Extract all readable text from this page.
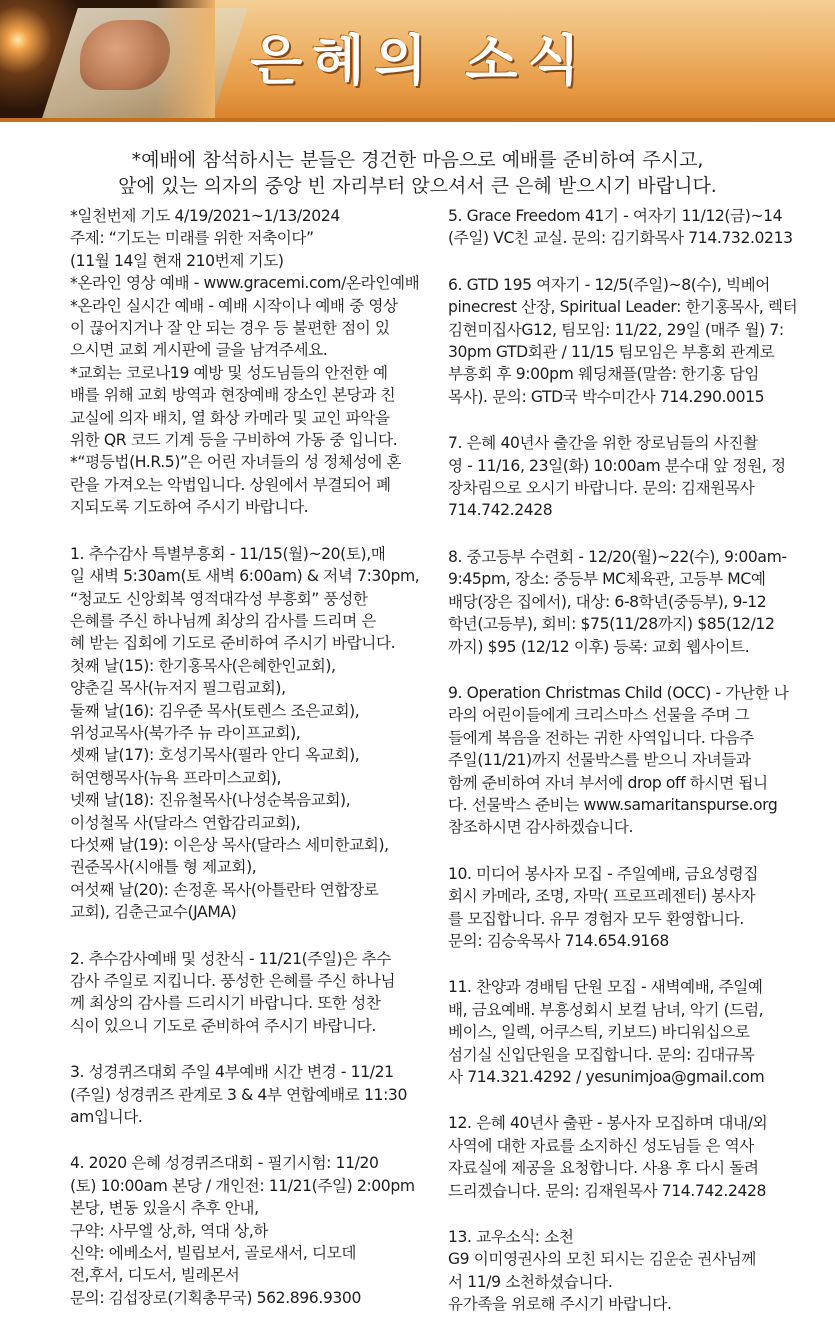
은혜의 소식
*예배에 참석하시는 분들은 경건한 마음으로 예배를 준비하여 주시고,
앞에 있는 의자의 중앙 빈 자리부터 앉으셔서 큰 은혜 받으시기 바랍니다.
*일천번제 기도 4/19/2021~1/13/2024
주제: “기도는 미래를 위한 저축이다”
(11월 14일 현재 210번제 기도)
*온라인 영상 예배 - www.gracemi.com/온라인예배
*온라인 실시간 예배 - 예배 시작이나 예배 중 영상
이 끊어지거나 잘 안 되는 경우 등 불편한 점이 있
으시면 교회 게시판에 글을 남겨주세요.
*교회는 코로나19 예방 및 성도님들의 안전한 예
배를 위해 교회 방역과 현장예배 장소인 본당과 친
교실에 의자 배치, 열 화상 카메라 및 교인 파악을
위한 QR 코드 기계 등을 구비하여 가동 중 입니다.
*“평등법(H.R.5)”은 어린 자녀들의 성 정체성에 혼
란을 가져오는 악법입니다. 상원에서 부결되어 폐
지되도록 기도하여 주시기 바랍니다.
1. 추수감사 특별부흥회 - 11/15(월)~20(토),매
일 새벽 5:30am(토 새벽 6:00am) & 저녁 7:30pm,
“청교도 신앙회복 영적대각성 부흥회” 풍성한
은혜를 주신 하나님께 최상의 감사를 드리며 은
혜 받는 집회에 기도로 준비하여 주시기 바랍니다.
첫째 날(15): 한기홍목사(은혜한인교회),
양춘길 목사(뉴저지 필그림교회),
둘째 날(16): 김우준 목사(토렌스 조은교회),
위성교목사(북가주 뉴 라이프교회),
셋째 날(17): 호성기목사(필라 안디 옥교회),
허연행목사(뉴욕 프라미스교회),
넷째 날(18): 진유철목사(나성순복음교회),
이성철목 사(달라스 연합감리교회),
다섯째 날(19): 이은상 목사(달라스 세미한교회),
권준목사(시애틀 형 제교회),
여섯째 날(20): 손정훈 목사(아틀란타 연합장로
교회), 김춘근교수(JAMA)
2. 추수감사예배 및 성찬식 - 11/21(주일)은 추수
감사 주일로 지킵니다. 풍성한 은혜를 주신 하나님
께 최상의 감사를 드리시기 바랍니다. 또한 성찬
식이 있으니 기도로 준비하여 주시기 바랍니다.
3. 성경퀴즈대회 주일 4부예배 시간 변경 - 11/21
(주일) 성경퀴즈 관계로 3 & 4부 연합예배로 11:30
am입니다.
4. 2020 은혜 성경퀴즈대회 - 필기시험: 11/20
(토) 10:00am 본당 / 개인전: 11/21(주일) 2:00pm
본당, 변동 있을시 추후 안내,
구약: 사무엘 상,하, 역대 상,하
신약: 에베소서, 빌립보서, 골로새서, 디모데
전,후서, 디도서, 빌레몬서
문의: 김섭장로(기획총무국) 562.896.9300
5. Grace Freedom 41기 - 여자기 11/12(금)~14
(주일) VC친 교실. 문의: 김기화목사 714.732.0213
6. GTD 195 여자기 - 12/5(주일)~8(수), 빅베어
pinecrest 산장, Spiritual Leader: 한기홍목사, 렉터
김현미집사G12, 팀모임: 11/22, 29일 (매주 월) 7:
30pm GTD회관 / 11/15 팀모임은 부흥회 관계로
부흥회 후 9:00pm 웨딩채플(말씀: 한기홍 담임
목사). 문의: GTD국 박수미간사 714.290.0015
7. 은혜 40년사 출간을 위한 장로님들의 사진촬
영 - 11/16, 23일(화) 10:00am 분수대 앞 정원, 정
장차림으로 오시기 바랍니다. 문의: 김재원목사
714.742.2428
8. 중고등부 수련회 - 12/20(월)~22(수), 9:00am-
9:45pm, 장소: 중등부 MC체육관, 고등부 MC예
배당(장은 집에서), 대상: 6-8학년(중등부), 9-12
학년(고등부), 회비: $75(11/28까지) $85(12/12
까지) $95 (12/12 이후) 등록: 교회 웹사이트.
9. Operation Christmas Child (OCC) - 가난한 나
라의 어린이들에게 크리스마스 선물을 주며 그
들에게 복음을 전하는 귀한 사역입니다. 다음주
주일(11/21)까지 선물박스를 받으니 자녀들과
함께 준비하여 자녀 부서에 drop off 하시면 됩니
다. 선물박스 준비는 www.samaritanspurse.org
참조하시면 감사하겠습니다.
10. 미디어 봉사자 모집 - 주일예배, 금요성령집
회시 카메라, 조명, 자막( 프로프레젠터) 봉사자
를 모집합니다. 유무 경험자 모두 환영합니다.
문의: 김승욱목사 714.654.9168
11. 찬양과 경배팀 단원 모집 - 새벽예배, 주일예
배, 금요예배. 부흥성회시 보컬 남녀, 악기 (드럼,
베이스, 일렉, 어쿠스틱, 키보드) 바디워십으로
섬기실 신입단원을 모집합니다. 문의: 김대규목
사 714.321.4292 / yesunimjoa@gmail.com
12. 은혜 40년사 출판 - 봉사자 모집하며 대내/외
사역에 대한 자료를 소지하신 성도님들 은 역사
자료실에 제공을 요청합니다. 사용 후 다시 돌려
드리겠습니다. 문의: 김재원목사 714.742.2428
13. 교우소식: 소천
G9 이미영권사의 모친 되시는 김운순 권사님께
서 11/9 소천하셨습니다.
유가족을 위로해 주시기 바랍니다.
